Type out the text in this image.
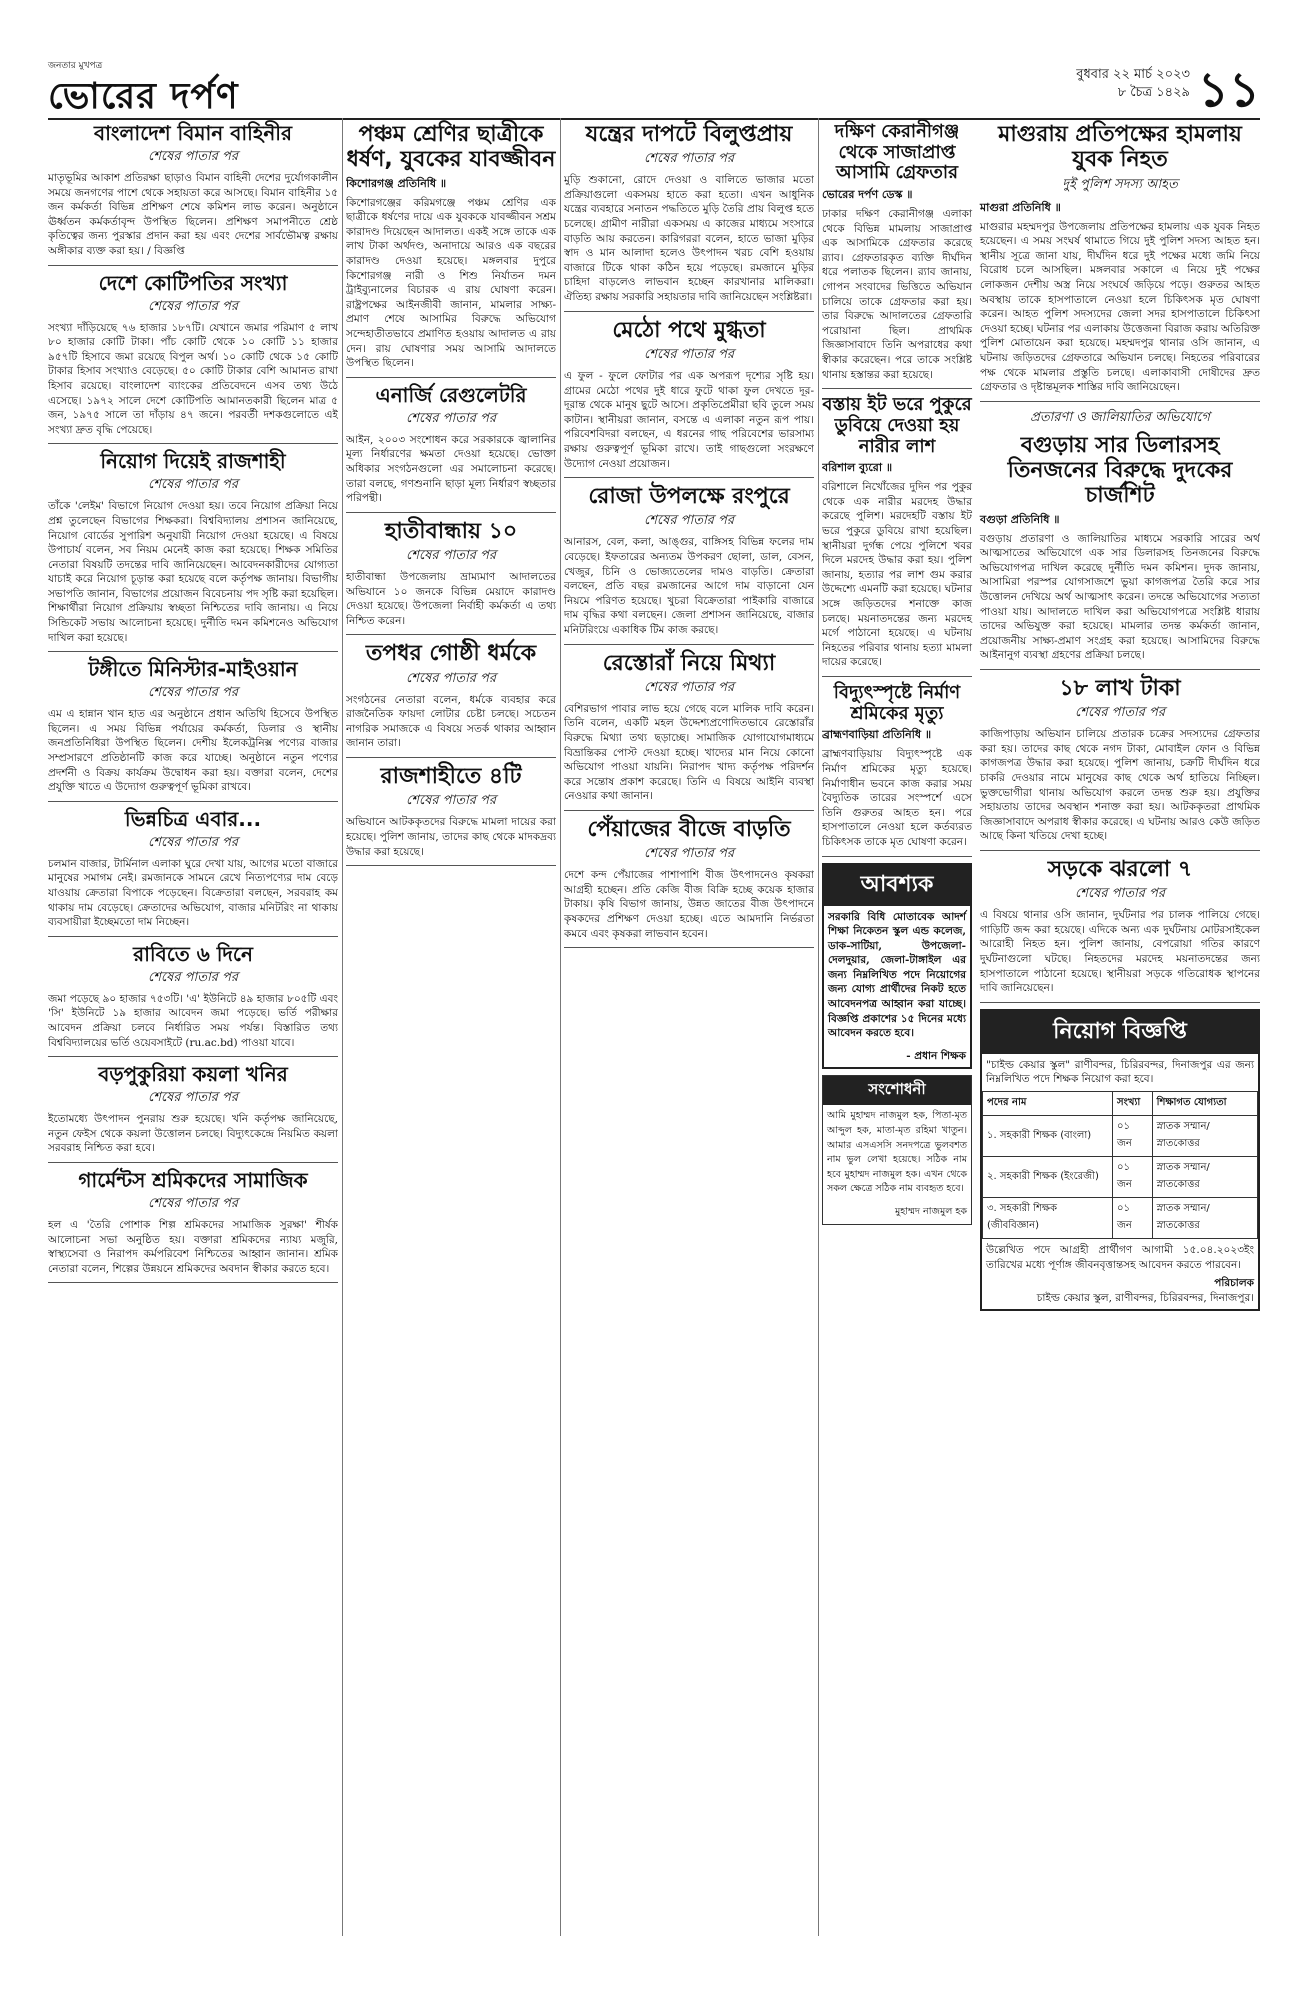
জনতার মুখপত্র
ভোরের দর্পণ
বুধবার ২২ মার্চ ২০২৩
৮ চৈত্র ১৪২৯ ১১
বাংলাদেশ বিমান বাহিনীর
শেষের পাতার পর

মাতৃভূমির আকাশ প্রতিরক্ষা ছাড়াও বিমান বাহিনী দেশের দুর্যোগকালীন সময়ে জনগণের পাশে থেকে সহায়তা করে আসছে। বিমান বাহিনীর ১৫ জন কর্মকর্তা বিভিন্ন প্রশিক্ষণ শেষে কমিশন লাভ করেন। অনুষ্ঠানে ঊর্ধ্বতন কর্মকর্তাবৃন্দ উপস্থিত ছিলেন। প্রশিক্ষণ সমাপনীতে শ্রেষ্ঠ কৃতিত্বের জন্য পুরস্কার প্রদান করা হয় এবং দেশের সার্বভৌমত্ব রক্ষায় অঙ্গীকার ব্যক্ত করা হয়। / বিজ্ঞপ্তি

দেশে কোটিপতির সংখ্যা
শেষের পাতার পর

সংখ্যা দাঁড়িয়েছে ৭৬ হাজার ১৮৭টি। যেখানে জমার পরিমাণ ৫ লাখ ৮০ হাজার কোটি টাকা। পাঁচ কোটি থেকে ১০ কোটি ১১ হাজার ৯৫৭টি হিসাবে জমা রয়েছে বিপুল অর্থ। ১০ কোটি থেকে ১৫ কোটি টাকার হিসাব সংখ্যাও বেড়েছে। ৫০ কোটি টাকার বেশি আমানত রাখা হিসাব রয়েছে। বাংলাদেশ ব্যাংকের প্রতিবেদনে এসব তথ্য উঠে এসেছে। ১৯৭২ সালে দেশে কোটিপতি আমানতকারী ছিলেন মাত্র ৫ জন, ১৯৭৫ সালে তা দাঁড়ায় ৪৭ জনে। পরবর্তী দশকগুলোতে এই সংখ্যা দ্রুত বৃদ্ধি পেয়েছে।

নিয়োগ দিয়েই রাজশাহী
শেষের পাতার পর

তাঁকে 'লেইম' বিভাগে নিয়োগ দেওয়া হয়। তবে নিয়োগ প্রক্রিয়া নিয়ে প্রশ্ন তুলেছেন বিভাগের শিক্ষকরা। বিশ্ববিদ্যালয় প্রশাসন জানিয়েছে, নিয়োগ বোর্ডের সুপারিশ অনুযায়ী নিয়োগ দেওয়া হয়েছে। এ বিষয়ে উপাচার্য বলেন, সব নিয়ম মেনেই কাজ করা হয়েছে। শিক্ষক সমিতির নেতারা বিষয়টি তদন্তের দাবি জানিয়েছেন। আবেদনকারীদের যোগ্যতা যাচাই করে নিয়োগ চূড়ান্ত করা হয়েছে বলে কর্তৃপক্ষ জানায়। বিভাগীয় সভাপতি জানান, বিভাগের প্রয়োজন বিবেচনায় পদ সৃষ্টি করা হয়েছিল। শিক্ষার্থীরা নিয়োগ প্রক্রিয়ায় স্বচ্ছতা নিশ্চিতের দাবি জানায়। এ নিয়ে সিন্ডিকেট সভায় আলোচনা হয়েছে। দুর্নীতি দমন কমিশনেও অভিযোগ দাখিল করা হয়েছে।

টঙ্গীতে মিনিস্টার-মাইওয়ান
শেষের পাতার পর

এম এ হান্নান খান হাত এর অনুষ্ঠানে প্রধান অতিথি হিসেবে উপস্থিত ছিলেন। এ সময় বিভিন্ন পর্যায়ের কর্মকর্তা, ডিলার ও স্থানীয় জনপ্রতিনিধিরা উপস্থিত ছিলেন। দেশীয় ইলেকট্রনিক্স পণ্যের বাজার সম্প্রসারণে প্রতিষ্ঠানটি কাজ করে যাচ্ছে। অনুষ্ঠানে নতুন পণ্যের প্রদর্শনী ও বিক্রয় কার্যক্রম উদ্বোধন করা হয়। বক্তারা বলেন, দেশের প্রযুক্তি খাতে এ উদ্যোগ গুরুত্বপূর্ণ ভূমিকা রাখবে।

ভিন্নচিত্র এবার...
শেষের পাতার পর

চলমান বাজার, টার্মিনাল এলাকা ঘুরে দেখা যায়, আগের মতো বাজারে মানুষের সমাগম নেই। রমজানকে সামনে রেখে নিত্যপণ্যের দাম বেড়ে যাওয়ায় ক্রেতারা বিপাকে পড়েছেন। বিক্রেতারা বলছেন, সরবরাহ কম থাকায় দাম বেড়েছে। ক্রেতাদের অভিযোগ, বাজার মনিটরিং না থাকায় ব্যবসায়ীরা ইচ্ছেমতো দাম নিচ্ছেন।

রাবিতে ৬ দিনে
শেষের পাতার পর

জমা পড়েছে ৯০ হাজার ৭৫৩টি। 'এ' ইউনিটে ৪৯ হাজার ৮০৫টি এবং 'সি' ইউনিটে ১৯ হাজার আবেদন জমা পড়েছে। ভর্তি পরীক্ষার আবেদন প্রক্রিয়া চলবে নির্ধারিত সময় পর্যন্ত। বিস্তারিত তথ্য বিশ্ববিদ্যালয়ের ভর্তি ওয়েবসাইটে (ru.ac.bd) পাওয়া যাবে।

বড়পুকুরিয়া কয়লা খনির
শেষের পাতার পর

ইতোমধ্যে উৎপাদন পুনরায় শুরু হয়েছে। খনি কর্তৃপক্ষ জানিয়েছে, নতুন ফেইস থেকে কয়লা উত্তোলন চলছে। বিদ্যুৎকেন্দ্রে নিয়মিত কয়লা সরবরাহ নিশ্চিত করা হবে।

গার্মেন্টস শ্রমিকদের সামাজিক
শেষের পাতার পর

হল এ 'তৈরি পোশাক শিল্প শ্রমিকদের সামাজিক সুরক্ষা' শীর্ষক আলোচনা সভা অনুষ্ঠিত হয়। বক্তারা শ্রমিকদের ন্যায্য মজুরি, স্বাস্থ্যসেবা ও নিরাপদ কর্মপরিবেশ নিশ্চিতের আহ্বান জানান। শ্রমিক নেতারা বলেন, শিল্পের উন্নয়নে শ্রমিকদের অবদান স্বীকার করতে হবে।

পঞ্চম শ্রেণির ছাত্রীকে ধর্ষণ, যুবকের যাবজ্জীবন
কিশোরগঞ্জ প্রতিনিধি ॥

কিশোরগঞ্জের করিমগঞ্জে পঞ্চম শ্রেণির এক ছাত্রীকে ধর্ষণের দায়ে এক যুবককে যাবজ্জীবন সশ্রম কারাদণ্ড দিয়েছেন আদালত। একই সঙ্গে তাকে এক লাখ টাকা অর্থদণ্ড, অনাদায়ে আরও এক বছরের কারাদণ্ড দেওয়া হয়েছে। মঙ্গলবার দুপুরে কিশোরগঞ্জ নারী ও শিশু নির্যাতন দমন ট্রাইব্যুনালের বিচারক এ রায় ঘোষণা করেন। রাষ্ট্রপক্ষের আইনজীবী জানান, মামলার সাক্ষ্য-প্রমাণ শেষে আসামির বিরুদ্ধে অভিযোগ সন্দেহাতীতভাবে প্রমাণিত হওয়ায় আদালত এ রায় দেন। রায় ঘোষণার সময় আসামি আদালতে উপস্থিত ছিলেন।

এনার্জি রেগুলেটরি
শেষের পাতার পর

আইন, ২০০৩ সংশোধন করে সরকারকে জ্বালানির মূল্য নির্ধারণের ক্ষমতা দেওয়া হয়েছে। ভোক্তা অধিকার সংগঠনগুলো এর সমালোচনা করেছে। তারা বলছে, গণশুনানি ছাড়া মূল্য নির্ধারণ স্বচ্ছতার পরিপন্থী।

হাতীবান্ধায় ১০
শেষের পাতার পর

হাতীবান্ধা উপজেলায় ভ্রাম্যমাণ আদালতের অভিযানে ১০ জনকে বিভিন্ন মেয়াদে কারাদণ্ড দেওয়া হয়েছে। উপজেলা নির্বাহী কর্মকর্তা এ তথ্য নিশ্চিত করেন।

তপধর গোষ্ঠী ধর্মকে
শেষের পাতার পর

সংগঠনের নেতারা বলেন, ধর্মকে ব্যবহার করে রাজনৈতিক ফায়দা লোটার চেষ্টা চলছে। সচেতন নাগরিক সমাজকে এ বিষয়ে সতর্ক থাকার আহ্বান জানান তারা।

রাজশাহীতে ৪টি
শেষের পাতার পর

অভিযানে আটককৃতদের বিরুদ্ধে মামলা দায়ের করা হয়েছে। পুলিশ জানায়, তাদের কাছ থেকে মাদকদ্রব্য উদ্ধার করা হয়েছে।

যন্ত্রের দাপটে বিলুপ্তপ্রায়
শেষের পাতার পর

মুড়ি শুকানো, রোদে দেওয়া ও বালিতে ভাজার মতো প্রক্রিয়াগুলো একসময় হাতে করা হতো। এখন আধুনিক যন্ত্রের ব্যবহারে সনাতন পদ্ধতিতে মুড়ি তৈরি প্রায় বিলুপ্ত হতে চলেছে। গ্রামীণ নারীরা একসময় এ কাজের মাধ্যমে সংসারে বাড়তি আয় করতেন। কারিগররা বলেন, হাতে ভাজা মুড়ির স্বাদ ও মান আলাদা হলেও উৎপাদন খরচ বেশি হওয়ায় বাজারে টিকে থাকা কঠিন হয়ে পড়েছে। রমজানে মুড়ির চাহিদা বাড়লেও লাভবান হচ্ছেন কারখানার মালিকরা। ঐতিহ্য রক্ষায় সরকারি সহায়তার দাবি জানিয়েছেন সংশ্লিষ্টরা।

মেঠো পথে মুগ্ধতা
শেষের পাতার পর

এ ফুল - ফুলে ফোটার পর এক অপরূপ দৃশ্যের সৃষ্টি হয়। গ্রামের মেঠো পথের দুই ধারে ফুটে থাকা ফুল দেখতে দূর-দূরান্ত থেকে মানুষ ছুটে আসে। প্রকৃতিপ্রেমীরা ছবি তুলে সময় কাটান। স্থানীয়রা জানান, বসন্তে এ এলাকা নতুন রূপ পায়। পরিবেশবিদরা বলছেন, এ ধরনের গাছ পরিবেশের ভারসাম্য রক্ষায় গুরুত্বপূর্ণ ভূমিকা রাখে। তাই গাছগুলো সংরক্ষণে উদ্যোগ নেওয়া প্রয়োজন।

রোজা উপলক্ষে রংপুরে
শেষের পাতার পর

আনারস, বেল, কলা, আঙ্গুর, বাঙ্গিসহ বিভিন্ন ফলের দাম বেড়েছে। ইফতারের অন্যতম উপকরণ ছোলা, ডাল, বেসন, খেজুর, চিনি ও ভোজ্যতেলের দামও বাড়তি। ক্রেতারা বলছেন, প্রতি বছর রমজানের আগে দাম বাড়ানো যেন নিয়মে পরিণত হয়েছে। খুচরা বিক্রেতারা পাইকারি বাজারে দাম বৃদ্ধির কথা বলছেন। জেলা প্রশাসন জানিয়েছে, বাজার মনিটরিংয়ে একাধিক টিম কাজ করছে।

রেস্তোরাঁ নিয়ে মিথ্যা
শেষের পাতার পর

বেশিরভাগ পাবার লাভ হয়ে গেছে বলে মালিক দাবি করেন। তিনি বলেন, একটি মহল উদ্দেশ্যপ্রণোদিতভাবে রেস্তোরাঁর বিরুদ্ধে মিথ্যা তথ্য ছড়াচ্ছে। সামাজিক যোগাযোগমাধ্যমে বিভ্রান্তিকর পোস্ট দেওয়া হচ্ছে। খাদ্যের মান নিয়ে কোনো অভিযোগ পাওয়া যায়নি। নিরাপদ খাদ্য কর্তৃপক্ষ পরিদর্শন করে সন্তোষ প্রকাশ করেছে। তিনি এ বিষয়ে আইনি ব্যবস্থা নেওয়ার কথা জানান।

পেঁয়াজের বীজে বাড়তি
শেষের পাতার পর

দেশে কন্দ পেঁয়াজের পাশাপাশি বীজ উৎপাদনেও কৃষকরা আগ্রহী হচ্ছেন। প্রতি কেজি বীজ বিক্রি হচ্ছে কয়েক হাজার টাকায়। কৃষি বিভাগ জানায়, উন্নত জাতের বীজ উৎপাদনে কৃষকদের প্রশিক্ষণ দেওয়া হচ্ছে। এতে আমদানি নির্ভরতা কমবে এবং কৃষকরা লাভবান হবেন।

দক্ষিণ কেরানীগঞ্জ থেকে সাজাপ্রাপ্ত আসামি গ্রেফতার
ভোরের দর্পণ ডেস্ক ॥

ঢাকার দক্ষিণ কেরানীগঞ্জ এলাকা থেকে বিভিন্ন মামলায় সাজাপ্রাপ্ত এক আসামিকে গ্রেফতার করেছে র‍্যাব। গ্রেফতারকৃত ব্যক্তি দীর্ঘদিন ধরে পলাতক ছিলেন। র‍্যাব জানায়, গোপন সংবাদের ভিত্তিতে অভিযান চালিয়ে তাকে গ্রেফতার করা হয়। তার বিরুদ্ধে আদালতের গ্রেফতারি পরোয়ানা ছিল। প্রাথমিক জিজ্ঞাসাবাদে তিনি অপরাধের কথা স্বীকার করেছেন। পরে তাকে সংশ্লিষ্ট থানায় হস্তান্তর করা হয়েছে।

বস্তায় ইট ভরে পুকুরে ডুবিয়ে দেওয়া হয় নারীর লাশ
বরিশাল ব্যুরো ॥

বরিশালে নিখোঁজের দুদিন পর পুকুর থেকে এক নারীর মরদেহ উদ্ধার করেছে পুলিশ। মরদেহটি বস্তায় ইট ভরে পুকুরে ডুবিয়ে রাখা হয়েছিল। স্থানীয়রা দুর্গন্ধ পেয়ে পুলিশে খবর দিলে মরদেহ উদ্ধার করা হয়। পুলিশ জানায়, হত্যার পর লাশ গুম করার উদ্দেশ্যে এমনটি করা হয়েছে। ঘটনার সঙ্গে জড়িতদের শনাক্তে কাজ চলছে। ময়নাতদন্তের জন্য মরদেহ মর্গে পাঠানো হয়েছে। এ ঘটনায় নিহতের পরিবার থানায় হত্যা মামলা দায়ের করেছে।

বিদ্যুৎস্পৃষ্টে নির্মাণ শ্রমিকের মৃত্যু
ব্রাহ্মণবাড়িয়া প্রতিনিধি ॥

ব্রাহ্মণবাড়িয়ায় বিদ্যুৎস্পৃষ্টে এক নির্মাণ শ্রমিকের মৃত্যু হয়েছে। নির্মাণাধীন ভবনে কাজ করার সময় বৈদ্যুতিক তারের সংস্পর্শে এসে তিনি গুরুতর আহত হন। পরে হাসপাতালে নেওয়া হলে কর্তব্যরত চিকিৎসক তাকে মৃত ঘোষণা করেন।

আবশ্যক

সরকারি বিধি মোতাবেক আদর্শ শিক্ষা নিকেতন স্কুল এন্ড কলেজ, ডাক-সাটিয়া, উপজেলা-দেলদুয়ার, জেলা-টাঙ্গাইল এর জন্য নিম্নলিখিত পদে নিয়োগের জন্য যোগ্য প্রার্থীদের নিকট হতে আবেদনপত্র আহ্বান করা যাচ্ছে। বিজ্ঞপ্তি প্রকাশের ১৫ দিনের মধ্যে আবেদন করতে হবে।

- প্রধান শিক্ষক

সংশোধনী

আমি মুহাম্মদ নাজমুল হক, পিতা-মৃত আব্দুল হক, মাতা-মৃত রহিমা খাতুন। আমার এসএসসি সনদপত্রে ভুলবশত নাম ভুল লেখা হয়েছে। সঠিক নাম হবে মুহাম্মদ নাজমুল হক। এখন থেকে সকল ক্ষেত্রে সঠিক নাম ব্যবহৃত হবে।

মুহাম্মদ নাজমুল হক

মাগুরায় প্রতিপক্ষের হামলায় যুবক নিহত
দুই পুলিশ সদস্য আহত
মাগুরা প্রতিনিধি ॥

মাগুরার মহম্মদপুর উপজেলায় প্রতিপক্ষের হামলায় এক যুবক নিহত হয়েছেন। এ সময় সংঘর্ষ থামাতে গিয়ে দুই পুলিশ সদস্য আহত হন। স্থানীয় সূত্রে জানা যায়, দীর্ঘদিন ধরে দুই পক্ষের মধ্যে জমি নিয়ে বিরোধ চলে আসছিল। মঙ্গলবার সকালে এ নিয়ে দুই পক্ষের লোকজন দেশীয় অস্ত্র নিয়ে সংঘর্ষে জড়িয়ে পড়ে। গুরুতর আহত অবস্থায় তাকে হাসপাতালে নেওয়া হলে চিকিৎসক মৃত ঘোষণা করেন। আহত পুলিশ সদস্যদের জেলা সদর হাসপাতালে চিকিৎসা দেওয়া হচ্ছে। ঘটনার পর এলাকায় উত্তেজনা বিরাজ করায় অতিরিক্ত পুলিশ মোতায়েন করা হয়েছে। মহম্মদপুর থানার ওসি জানান, এ ঘটনায় জড়িতদের গ্রেফতারে অভিযান চলছে। নিহতের পরিবারের পক্ষ থেকে মামলার প্রস্তুতি চলছে। এলাকাবাসী দোষীদের দ্রুত গ্রেফতার ও দৃষ্টান্তমূলক শাস্তির দাবি জানিয়েছেন।

প্রতারণা ও জালিয়াতির অভিযোগে
বগুড়ায় সার ডিলারসহ তিনজনের বিরুদ্ধে দুদকের চার্জশিট
বগুড়া প্রতিনিধি ॥

বগুড়ায় প্রতারণা ও জালিয়াতির মাধ্যমে সরকারি সারের অর্থ আত্মসাতের অভিযোগে এক সার ডিলারসহ তিনজনের বিরুদ্ধে অভিযোগপত্র দাখিল করেছে দুর্নীতি দমন কমিশন। দুদক জানায়, আসামিরা পরস্পর যোগসাজশে ভুয়া কাগজপত্র তৈরি করে সার উত্তোলন দেখিয়ে অর্থ আত্মসাৎ করেন। তদন্তে অভিযোগের সত্যতা পাওয়া যায়। আদালতে দাখিল করা অভিযোগপত্রে সংশ্লিষ্ট ধারায় তাদের অভিযুক্ত করা হয়েছে। মামলার তদন্ত কর্মকর্তা জানান, প্রয়োজনীয় সাক্ষ্য-প্রমাণ সংগ্রহ করা হয়েছে। আসামিদের বিরুদ্ধে আইনানুগ ব্যবস্থা গ্রহণের প্রক্রিয়া চলছে।

১৮ লাখ টাকা
শেষের পাতার পর

কাজিপাড়ায় অভিযান চালিয়ে প্রতারক চক্রের সদস্যদের গ্রেফতার করা হয়। তাদের কাছ থেকে নগদ টাকা, মোবাইল ফোন ও বিভিন্ন কাগজপত্র উদ্ধার করা হয়েছে। পুলিশ জানায়, চক্রটি দীর্ঘদিন ধরে চাকরি দেওয়ার নামে মানুষের কাছ থেকে অর্থ হাতিয়ে নিচ্ছিল। ভুক্তভোগীরা থানায় অভিযোগ করলে তদন্ত শুরু হয়। প্রযুক্তির সহায়তায় তাদের অবস্থান শনাক্ত করা হয়। আটককৃতরা প্রাথমিক জিজ্ঞাসাবাদে অপরাধ স্বীকার করেছে। এ ঘটনায় আরও কেউ জড়িত আছে কিনা খতিয়ে দেখা হচ্ছে।

সড়কে ঝরলো ৭
শেষের পাতার পর

এ বিষয়ে থানার ওসি জানান, দুর্ঘটনার পর চালক পালিয়ে গেছে। গাড়িটি জব্দ করা হয়েছে। এদিকে অন্য এক দুর্ঘটনায় মোটরসাইকেল আরোহী নিহত হন। পুলিশ জানায়, বেপরোয়া গতির কারণে দুর্ঘটনাগুলো ঘটছে। নিহতদের মরদেহ ময়নাতদন্তের জন্য হাসপাতালে পাঠানো হয়েছে। স্থানীয়রা সড়কে গতিরোধক স্থাপনের দাবি জানিয়েছেন।

নিয়োগ বিজ্ঞপ্তি

"চাইল্ড কেয়ার স্কুল" রাণীবন্দর, চিরিরবন্দর, দিনাজপুর এর জন্য নিম্নলিখিত পদে শিক্ষক নিয়োগ করা হবে।

পদের নাম	সংখ্যা	শিক্ষাগত যোগ্যতা
১. সহকারী শিক্ষক (বাংলা)	০১ জন	স্নাতক সম্মান/ স্নাতকোত্তর
২. সহকারী শিক্ষক (ইংরেজী)	০১ জন	স্নাতক সম্মান/ স্নাতকোত্তর
৩. সহকারী শিক্ষক (জীববিজ্ঞান)	০১ জন	স্নাতক সম্মান/ স্নাতকোত্তর

উল্লেখিত পদে আগ্রহী প্রার্থীগণ আগামী ১৫.০৪.২০২৩ইং তারিখের মধ্যে পূর্ণাঙ্গ জীবনবৃত্তান্তসহ আবেদন করতে পারবেন।

পরিচালক

চাইল্ড কেয়ার স্কুল, রাণীবন্দর, চিরিরবন্দর, দিনাজপুর।
